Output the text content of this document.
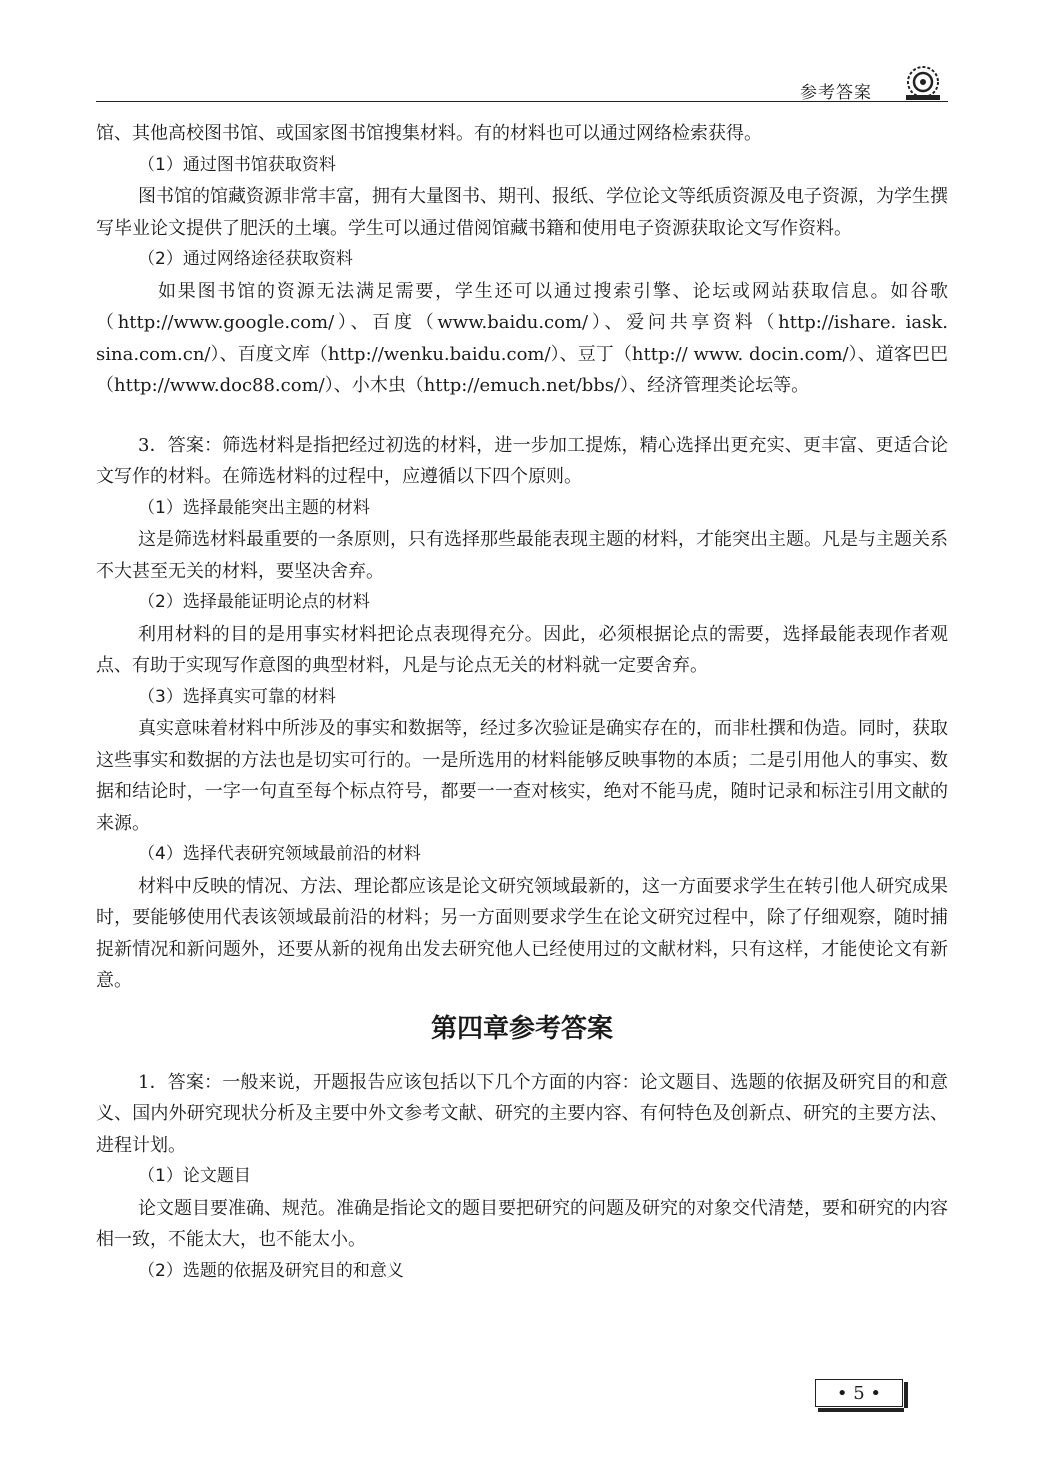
参考答案

馆、其他高校图书馆、或国家图书馆搜集材料。有的材料也可以通过网络检索获得。

（1）通过图书馆获取资料

图书馆的馆藏资源非常丰富，拥有大量图书、期刊、报纸、学位论文等纸质资源及电子资源，为学生撰写毕业论文提供了肥沃的土壤。学生可以通过借阅馆藏书籍和使用电子资源获取论文写作资料。

（2）通过网络途径获取资料

如果图书馆的资源无法满足需要，学生还可以通过搜索引擎、论坛或网站获取信息。如谷歌（http://www.google.com/）、百度（www.baidu.com/）、爱问共享资料（http://ishare. iask. sina.com.cn/）、百度文库（http://wenku.baidu.com/）、豆丁（http:// www. docin.com/）、道客巴巴（http://www.doc88.com/）、小木虫（http://emuch.net/bbs/）、经济管理类论坛等。

3．答案：筛选材料是指把经过初选的材料，进一步加工提炼，精心选择出更充实、更丰富、更适合论文写作的材料。在筛选材料的过程中，应遵循以下四个原则。

（1）选择最能突出主题的材料

这是筛选材料最重要的一条原则，只有选择那些最能表现主题的材料，才能突出主题。凡是与主题关系不大甚至无关的材料，要坚决舍弃。

（2）选择最能证明论点的材料

利用材料的目的是用事实材料把论点表现得充分。因此，必须根据论点的需要，选择最能表现作者观点、有助于实现写作意图的典型材料，凡是与论点无关的材料就一定要舍弃。

（3）选择真实可靠的材料

真实意味着材料中所涉及的事实和数据等，经过多次验证是确实存在的，而非杜撰和伪造。同时，获取这些事实和数据的方法也是切实可行的。一是所选用的材料能够反映事物的本质；二是引用他人的事实、数据和结论时，一字一句直至每个标点符号，都要一一查对核实，绝对不能马虎，随时记录和标注引用文献的来源。

（4）选择代表研究领域最前沿的材料

材料中反映的情况、方法、理论都应该是论文研究领域最新的，这一方面要求学生在转引他人研究成果时，要能够使用代表该领域最前沿的材料；另一方面则要求学生在论文研究过程中，除了仔细观察，随时捕捉新情况和新问题外，还要从新的视角出发去研究他人已经使用过的文献材料，只有这样，才能使论文有新意。

第四章参考答案

1．答案：一般来说，开题报告应该包括以下几个方面的内容：论文题目、选题的依据及研究目的和意义、国内外研究现状分析及主要中外文参考文献、研究的主要内容、有何特色及创新点、研究的主要方法、进程计划。

（1）论文题目

论文题目要准确、规范。准确是指论文的题目要把研究的问题及研究的对象交代清楚，要和研究的内容相一致，不能太大，也不能太小。

（2）选题的依据及研究目的和意义

• 5 •
